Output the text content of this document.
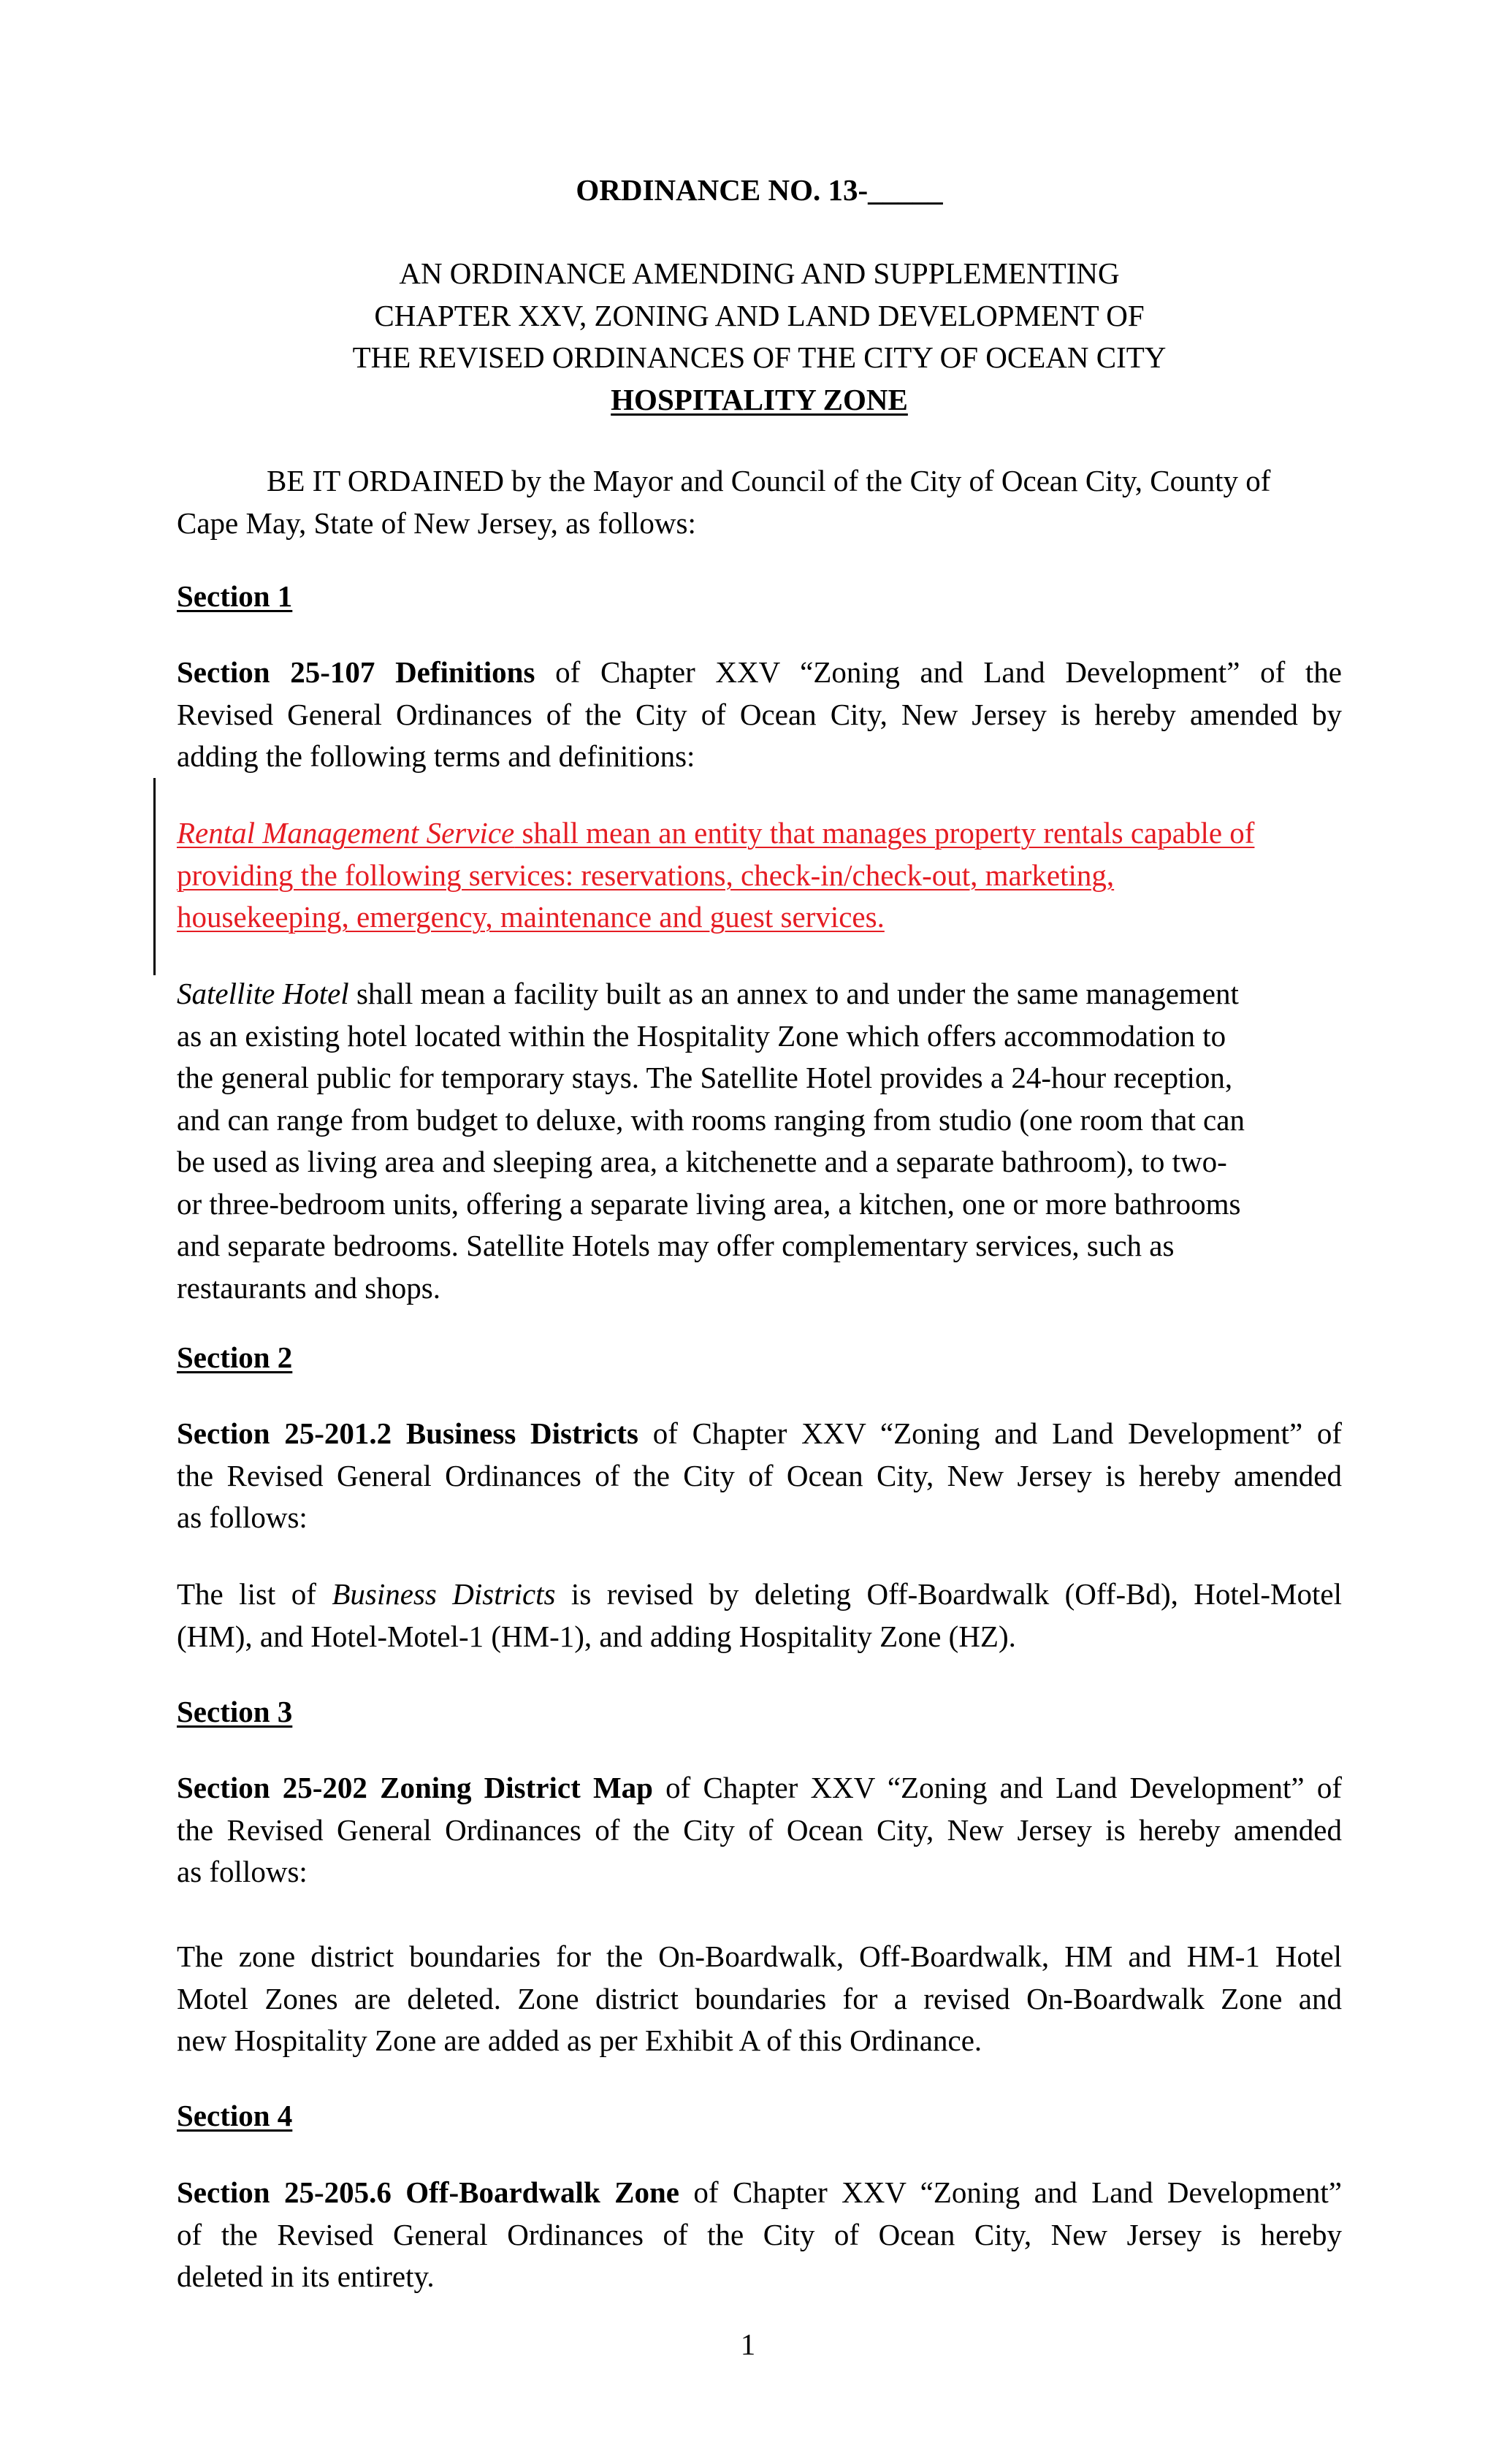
ORDINANCE NO. 13-_____

AN ORDINANCE AMENDING AND SUPPLEMENTING

CHAPTER XXV, ZONING AND LAND DEVELOPMENT OF

THE REVISED ORDINANCES OF THE CITY OF OCEAN CITY

HOSPITALITY ZONE

BE IT ORDAINED by the Mayor and Council of the City of Ocean City, County of

Cape May, State of New Jersey, as follows:

Section 1

Section 25-107 Definitions of Chapter XXV “Zoning and Land Development” of the

Revised General Ordinances of the City of Ocean City, New Jersey is hereby amended by

adding the following terms and definitions:

Rental Management Service shall mean an entity that manages property rentals capable of

providing the following services: reservations, check-in/check-out, marketing,

housekeeping, emergency, maintenance and guest services.

Satellite Hotel shall mean a facility built as an annex to and under the same management

as an existing hotel located within the Hospitality Zone which offers accommodation to

the general public for temporary stays. The Satellite Hotel provides a 24-hour reception,

and can range from budget to deluxe, with rooms ranging from studio (one room that can

be used as living area and sleeping area, a kitchenette and a separate bathroom), to two-

or three-bedroom units, offering a separate living area, a kitchen, one or more bathrooms

and separate bedrooms. Satellite Hotels may offer complementary services, such as

restaurants and shops.

Section 2

Section 25-201.2 Business Districts of Chapter XXV “Zoning and Land Development” of

the Revised General Ordinances of the City of Ocean City, New Jersey is hereby amended

as follows:

The list of Business Districts is revised by deleting Off-Boardwalk (Off-Bd), Hotel-Motel

(HM), and Hotel-Motel-1 (HM-1), and adding Hospitality Zone (HZ).

Section 3

Section 25-202 Zoning District Map of Chapter XXV “Zoning and Land Development” of

the Revised General Ordinances of the City of Ocean City, New Jersey is hereby amended

as follows:

The zone district boundaries for the On-Boardwalk, Off-Boardwalk, HM and HM-1 Hotel

Motel Zones are deleted. Zone district boundaries for a revised On-Boardwalk Zone and

new Hospitality Zone are added as per Exhibit A of this Ordinance.

Section 4

Section 25-205.6 Off-Boardwalk Zone of Chapter XXV “Zoning and Land Development”

of the Revised General Ordinances of the City of Ocean City, New Jersey is hereby

deleted in its entirety.

1
